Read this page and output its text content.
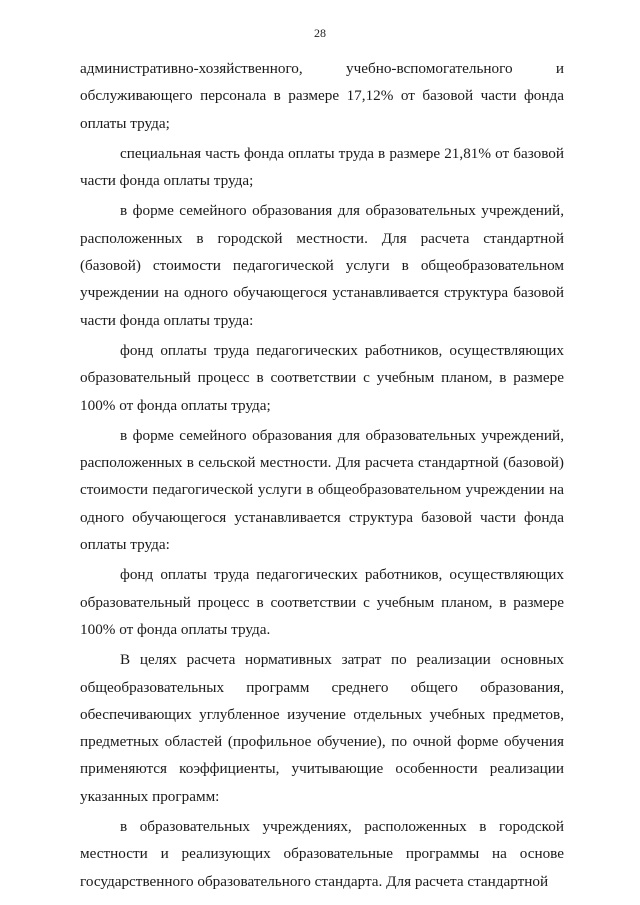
28

административно-хозяйственного, учебно-вспомогательного и обслуживающего персонала в размере 17,12% от базовой части фонда оплаты труда;

специальная часть фонда оплаты труда в размере 21,81% от базовой части фонда оплаты труда;

в форме семейного образования для образовательных учреждений, расположенных в городской местности. Для расчета стандартной (базовой) стоимости педагогической услуги в общеобразовательном учреждении на одного обучающегося устанавливается структура базовой части фонда оплаты труда:

фонд оплаты труда педагогических работников, осуществляющих образовательный процесс в соответствии с учебным планом, в размере 100% от фонда оплаты труда;

в форме семейного образования для образовательных учреждений, расположенных в сельской местности. Для расчета стандартной (базовой) стоимости педагогической услуги в общеобразовательном учреждении на одного обучающегося устанавливается структура базовой части фонда оплаты труда:

фонд оплаты труда педагогических работников, осуществляющих образовательный процесс в соответствии с учебным планом, в размере 100% от фонда оплаты труда.

В целях расчета нормативных затрат по реализации основных общеобразовательных программ среднего общего образования, обеспечивающих углубленное изучение отдельных учебных предметов, предметных областей (профильное обучение), по очной форме обучения применяются коэффициенты, учитывающие особенности реализации указанных программ:

в образовательных учреждениях, расположенных в городской местности и реализующих образовательные программы на основе государственного образовательного стандарта. Для расчета стандартной
